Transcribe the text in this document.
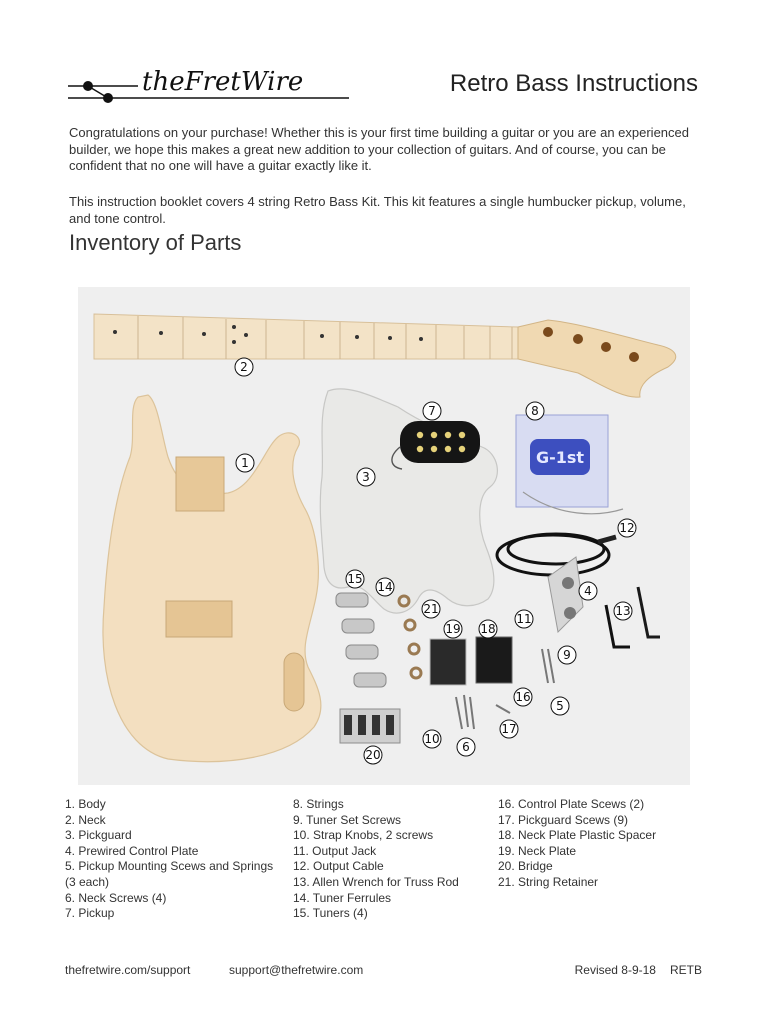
theFretWire	Retro Bass Instructions

Congratulations on your purchase! Whether this is your first time building a guitar or you are an experienced builder, we hope this makes a great new addition to your collection of guitars. And of course, you can be confident that no one will have a guitar exactly like it.

This instruction booklet covers 4 string Retro Bass Kit. This kit features a single humbucker pickup, volume, and tone control.

Inventory of Parts
G-1st
1
2
3
4
5
6
7	8
9
10
11
12
13
14
15
16
17
18
19
20
21
1. Body
2. Neck
3. Pickguard
4. Prewired Control Plate
5. Pickup Mounting Scews and Springs (3 each)
6. Neck Screws (4)
7. Pickup
8. Strings
9. Tuner Set Screws
10. Strap Knobs, 2 screws
11. Output Jack
12. Output Cable
13. Allen Wrench for Truss Rod
14. Tuner Ferrules
15. Tuners (4)
16. Control Plate Scews (2)
17. Pickguard Scews (9)
18. Neck Plate Plastic Spacer
19. Neck Plate
20. Bridge
21. String Retainer
thefretwire.com/support	support@thefretwire.com	Revised 8-9-18 RETB
